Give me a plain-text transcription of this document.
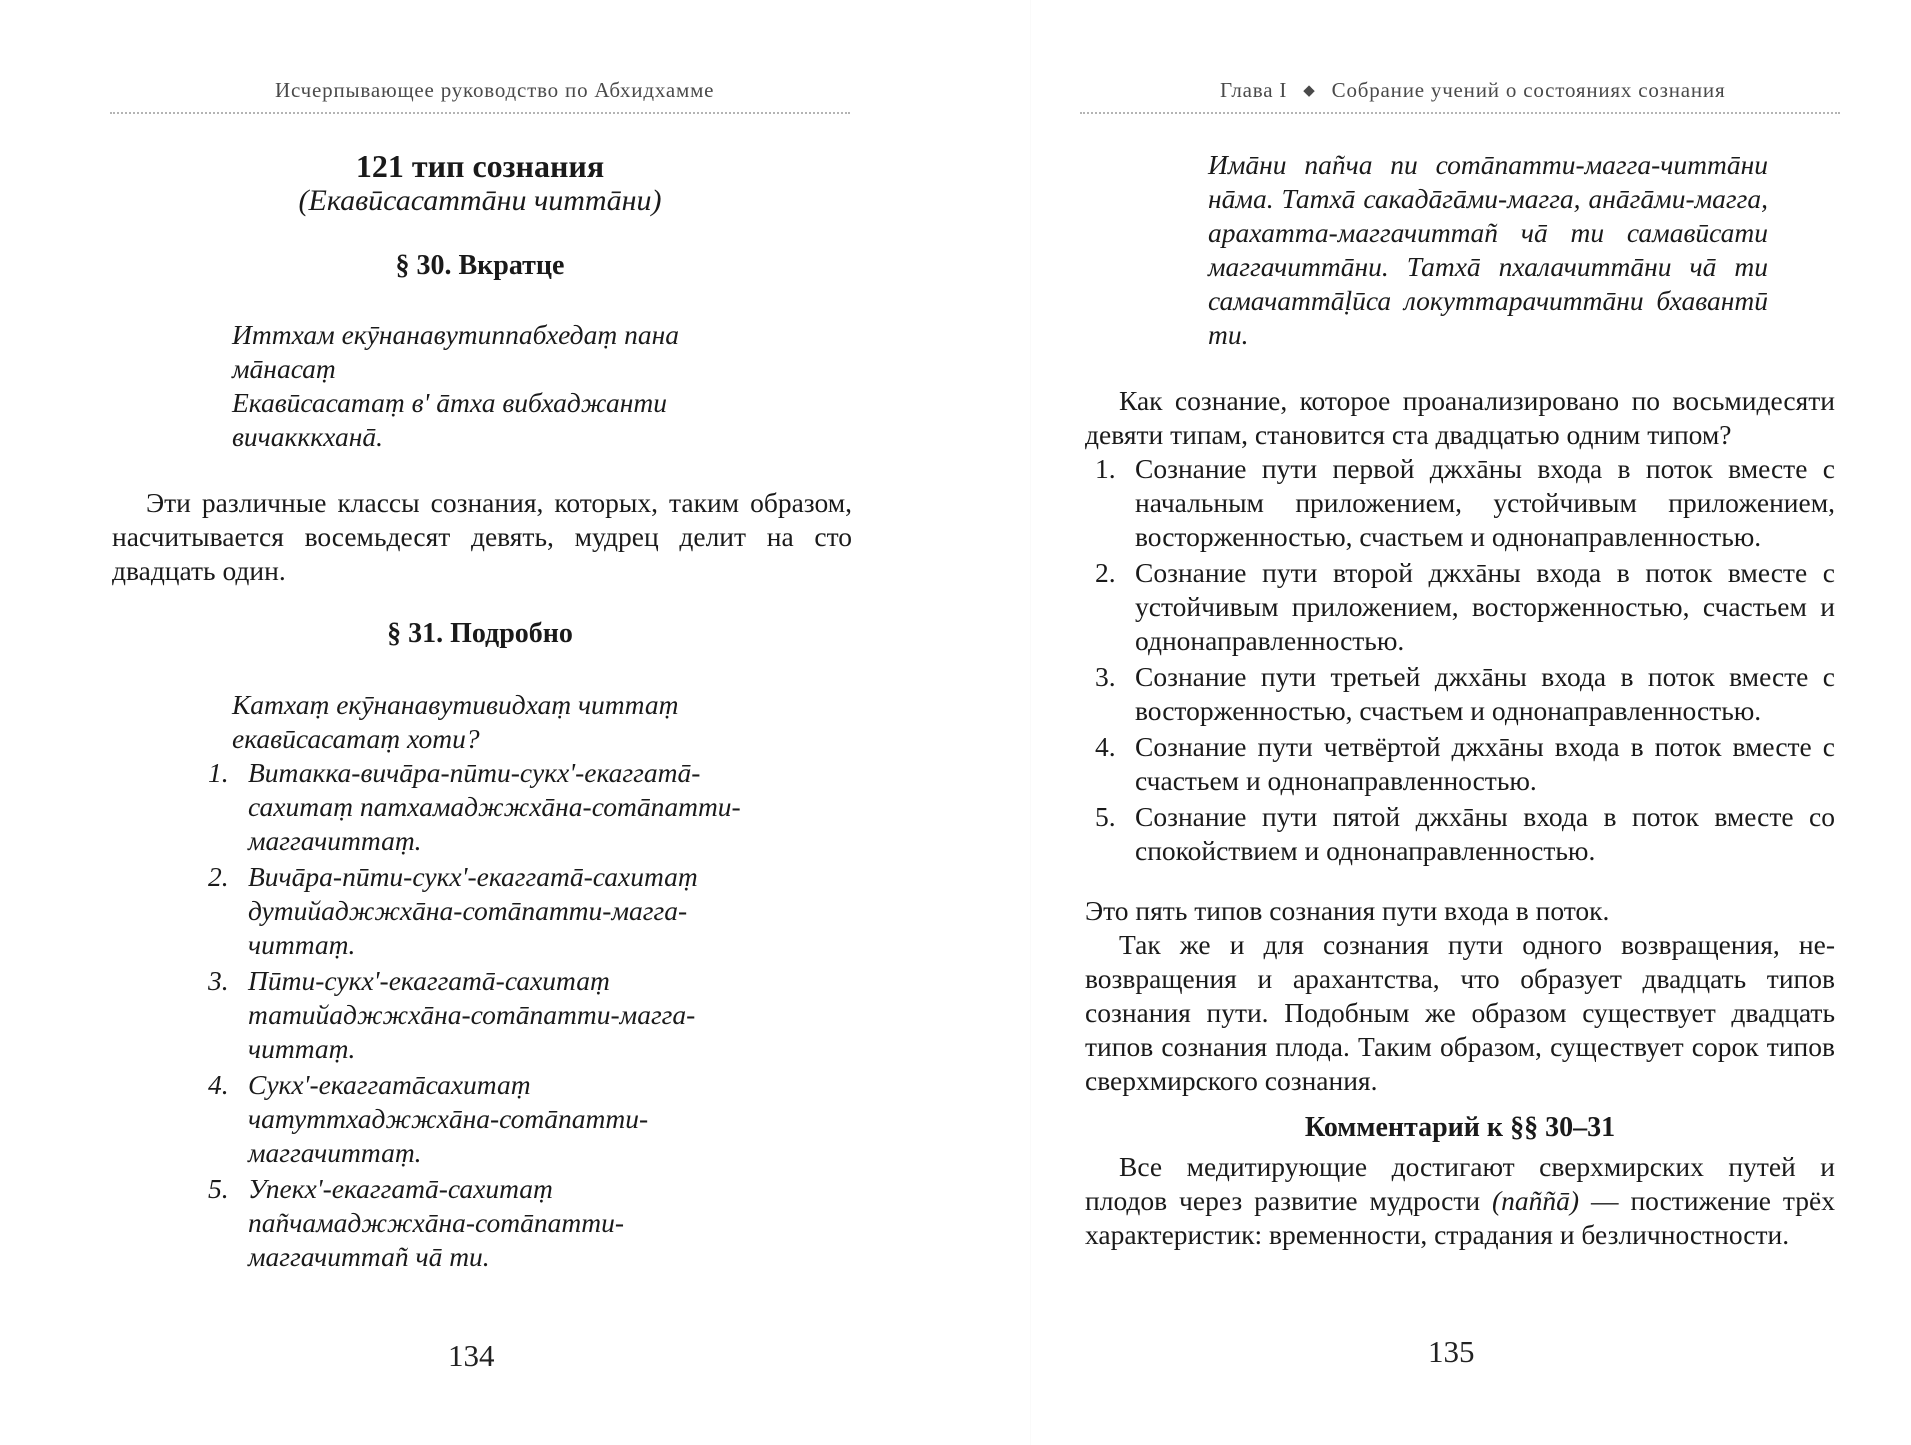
Исчерпывающее руководство по Абхидхамме
121 тип сознания
(Екавӣсасаттāни читтāни)
§ 30. Вкратце
Иттхам екӯнанавутиппабхедаṃ пана мāнасаṃ
Екавӣсасатаṃ в' āтха вибхаджанти вичакккханā.

Эти различные классы сознания, которых, таким образом, насчитывается восемьдесят девять, мудрец делит на сто двадцать один.

§ 31. Подробно
Катхаṃ екӯнанавутивидхаṃ читтаṃ екавӣсасатаṃ хоти?
1. Витакка-вичāра-пӣти-сукх'-екаггатā-сахитаṃ патхамаджжхāна-сотāпатти-маггачиттаṃ.
2. Вичāра-пӣти-сукх'-екаггатā-сахитаṃ дутийаджжхāна-сотāпатти-магга-читтаṃ.
3. Пӣти-сукх'-екаггатā-сахитаṃ татийаджжхāна-сотāпатти-магга-читтаṃ.
4. Сукх'-екаггатāсахитаṃ чатуттхаджжхāна-сотāпатти-маггачиттаṃ.
5. Упекх'-екаггатā-сахитаṃ пañчамаджжхāна-сотāпатти-маггачиттаñ чā ти.
134
Глава I ◆ Собрание учений о состояниях сознания

Имāни пañча пи сотāпатти-магга-читтāни нāма. Татхā сакадāгāми-магга, анāгāми-магга, арахатта-маггачиттañ чā ти самавӣсати маггачиттāни. Татхā пхалачиттāни чā ти самачаттāḷӣса локуттарачиттāни бхавантӣ ти.

Как сознание, которое проанализировано по восьмидесяти девяти типам, становится ста двадцатью одним типом?

1. Сознание пути первой джхāны входа в поток вместе с начальным приложением, устойчивым приложением, восторженностью, счастьем и однонаправленностью.
2. Сознание пути второй джхāны входа в поток вместе с устойчивым приложением, восторженностью, счастьем и однонаправленностью.
3. Сознание пути третьей джхāны входа в поток вместе с восторженностью, счастьем и однонаправленностью.
4. Сознание пути четвёртой джхāны входа в поток вместе с счастьем и однонаправленностью.
5. Сознание пути пятой джхāны входа в поток вместе со спокойствием и однонаправленностью.

Это пять типов сознания пути входа в поток.

Так же и для сознания пути одного возвращения, не-возвращения и арахантства, что образует двадцать типов сознания пути. Подобным же образом существует двадцать типов сознания плода. Таким образом, существует сорок типов сверхмирского сознания.

Комментарий к §§ 30–31

Все медитирующие достигают сверхмирских путей и плодов через развитие мудрости (пaññā) — постижение трёх характеристик: временности, страдания и безличностности.

135
